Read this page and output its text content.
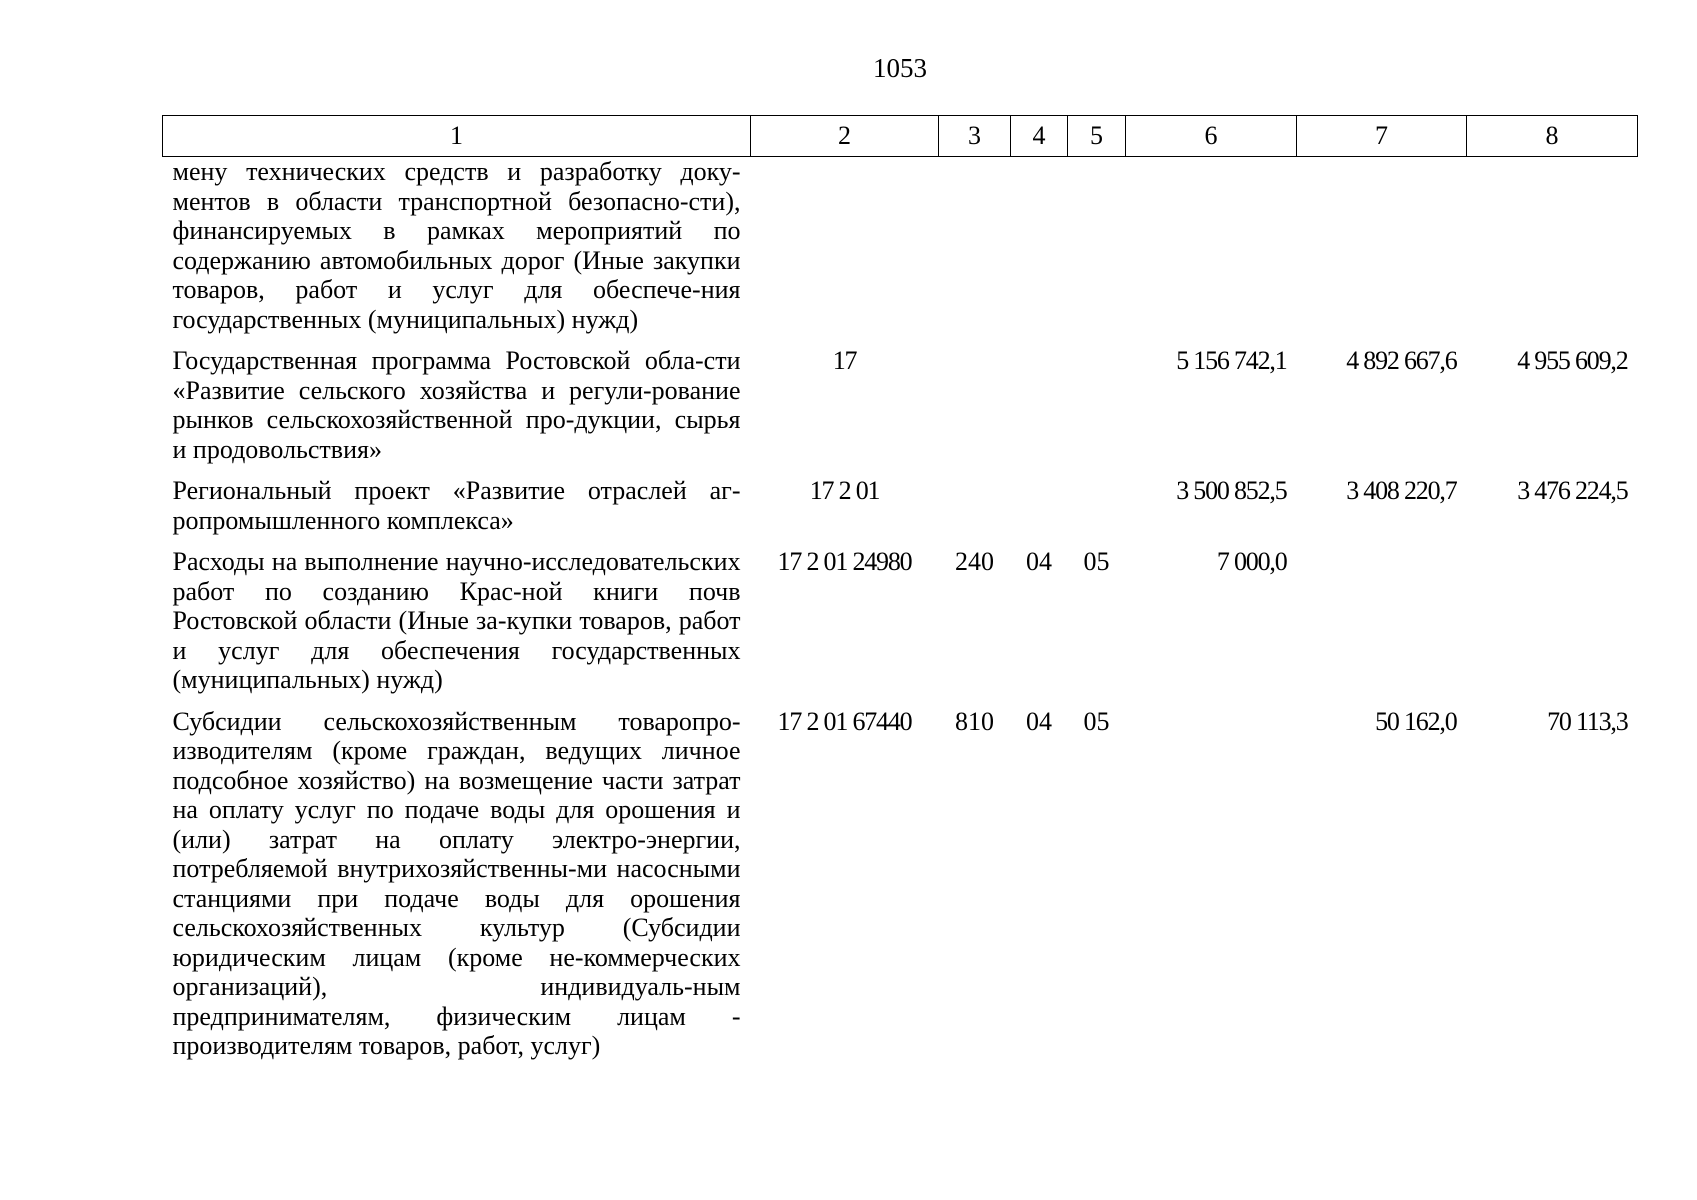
1053
1	2	3	4	5	6	7	8
мену технических средств и разработку доку-ментов в области транспортной безопасно-сти), финансируемых в рамках мероприятий по содержанию автомобильных дорог (Иные закупки товаров, работ и услуг для обеспече-ния государственных (муниципальных) нужд)							
Государственная программа Ростовской обла-сти «Развитие сельского хозяйства и регули-рование рынков сельскохозяйственной про-дукции, сырья и продовольствия»	17				5 156 742,1	4 892 667,6	4 955 609,2
Региональный проект «Развитие отраслей аг-ропромышленного комплекса»	17 2 01				3 500 852,5	3 408 220,7	3 476 224,5
Расходы на выполнение научно-исследовательских работ по созданию Крас-ной книги почв Ростовской области (Иные за-купки товаров, работ и услуг для обеспечения государственных (муниципальных) нужд)	17 2 01 24980	240	04	05	7 000,0		
Субсидии сельскохозяйственным товаропро-изводителям (кроме граждан, ведущих личное подсобное хозяйство) на возмещение части затрат на оплату услуг по подаче воды для орошения и (или) затрат на оплату электро-энергии, потребляемой внутрихозяйственны-ми насосными станциями при подаче воды для орошения сельскохозяйственных культур (Субсидии юридическим лицам (кроме не-коммерческих организаций), индивидуаль-ным предпринимателям, физическим лицам - производителям товаров, работ, услуг)	17 2 01 67440	810	04	05		50 162,0	70 113,3
